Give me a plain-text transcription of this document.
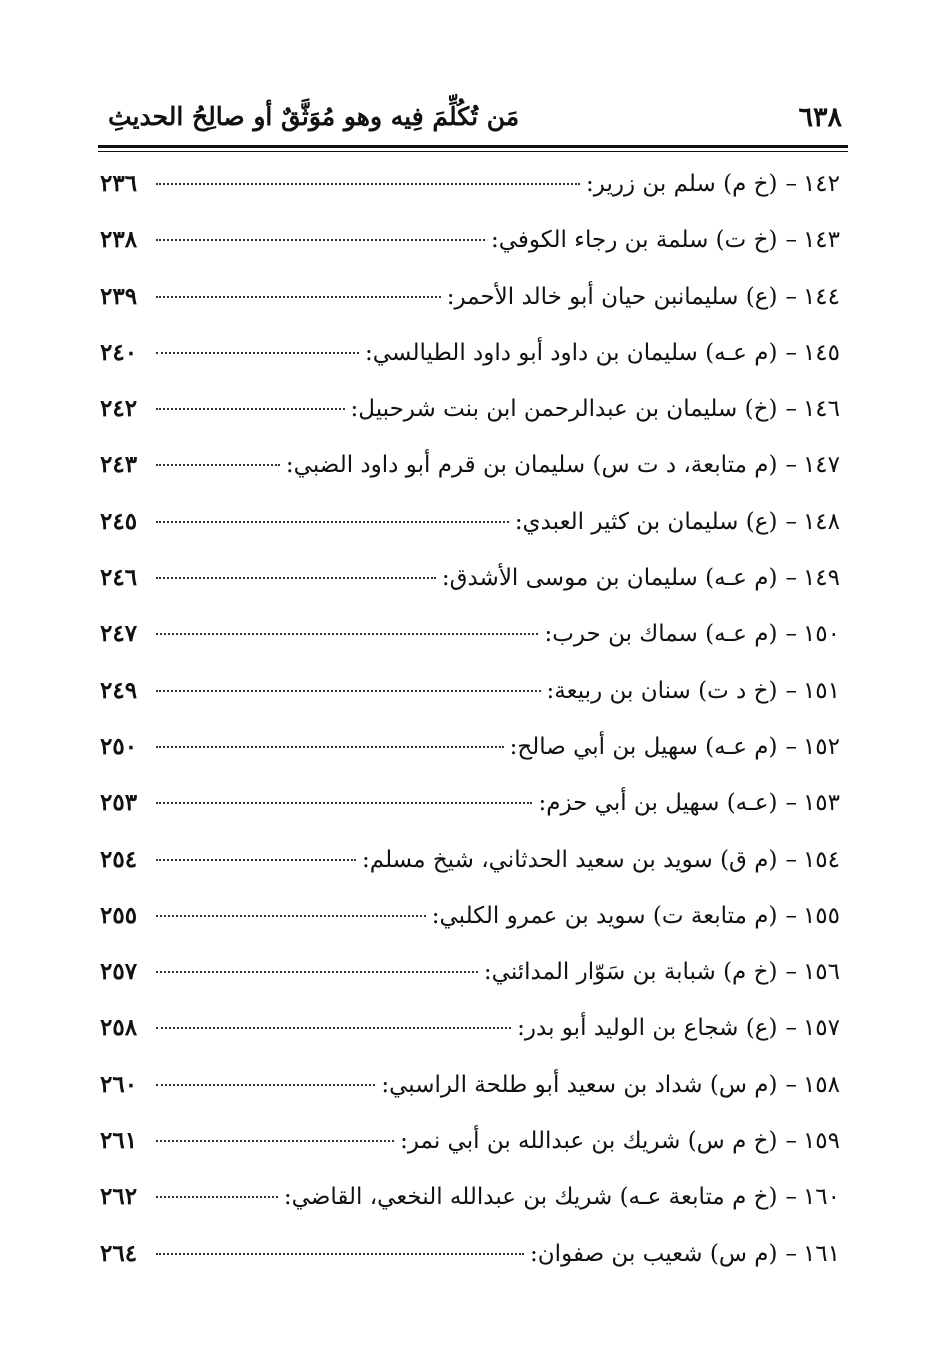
٦٣٨
مَن تُكُلِّمَ فِيه وهو مُوَثَّقٌ أو صالِحُ الحديثِ
١٤٢
–
(خ م) سلم بن زرير:
٢٣٦
١٤٣
–
(خ ت) سلمة بن رجاء الكوفي:
٢٣٨
١٤٤
–
(ع) سليمانبن حيان أبو خالد الأحمر:
٢٣٩
١٤٥
–
(م عـه) سليمان بن داود أبو داود الطيالسي:
٢٤٠
١٤٦
–
(خ) سليمان بن عبدالرحمن ابن بنت شرحبيل:
٢٤٢
١٤٧
–
(م متابعة، د ت س) سليمان بن قرم أبو داود الضبي:
٢٤٣
١٤٨
–
(ع) سليمان بن كثير العبدي:
٢٤٥
١٤٩
–
(م عـه) سليمان بن موسى الأشدق:
٢٤٦
١٥٠
–
(م عـه) سماك بن حرب:
٢٤٧
١٥١
–
(خ د ت) سنان بن ربيعة:
٢٤٩
١٥٢
–
(م عـه) سهيل بن أبي صالح:
٢٥٠
١٥٣
–
(عـه) سهيل بن أبي حزم:
٢٥٣
١٥٤
–
(م ق) سويد بن سعيد الحدثاني، شيخ مسلم:
٢٥٤
١٥٥
–
(م متابعة ت) سويد بن عمرو الكلبي:
٢٥٥
١٥٦
–
(خ م) شبابة بن سَوّار المدائني:
٢٥٧
١٥٧
–
(ع) شجاع بن الوليد أبو بدر:
٢٥٨
١٥٨
–
(م س) شداد بن سعيد أبو طلحة الراسبي:
٢٦٠
١٥٩
–
(خ م س) شريك بن عبدالله بن أبي نمر:
٢٦١
١٦٠
–
(خ م متابعة عـه) شريك بن عبدالله النخعي، القاضي:
٢٦٢
١٦١
–
(م س) شعيب بن صفوان:
٢٦٤
